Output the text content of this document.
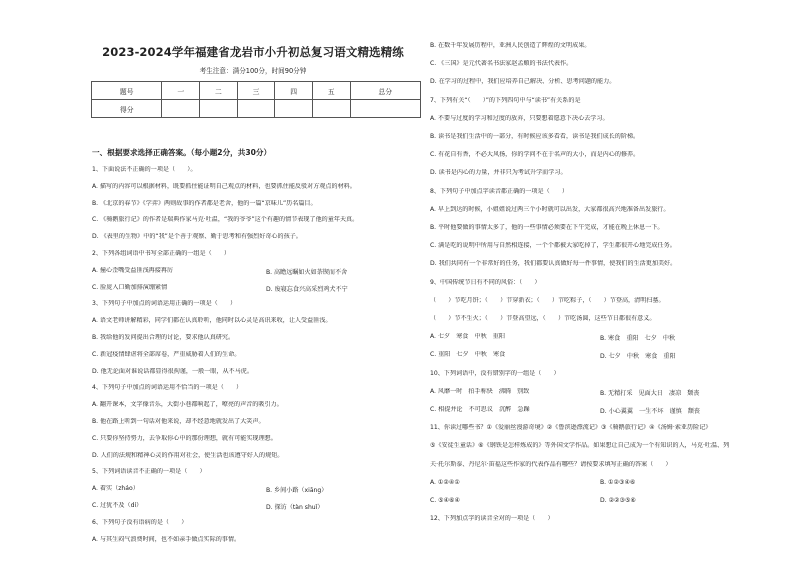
2023-2024学年福建省龙岩市小升初总复习语文精选精练
考生注意：满分100分，时间90分钟
题号	一	二	三	四	五	总分
得分						
一、根据要求选择正确答案。（每小题2分，共30分）
1、下面说法不正确的一项是（　　）。
A. 描写的内容可以根据材料，既要抓住能证明自己观点的材料，也要抓住能反驳对方观点的材料。
B. 《北京的春节》《学弈》两则故事的作者都是老舍，他的一篇“京味儿”历名篇目。
C. 《骑鹅旅行记》的作者是瑞典作家马克·吐温，“我的爷爷”这个有趣的情节表现了他的童年天真。
D. 《表里的生物》中的“我”是个善于观察、勤于思考和有强烈好奇心的孩子。
2、下列各组词语中书写全部正确的一组是（　　）
A. 撞心歪嘴受益匪浅再接再厉	B. 高瞻远瞩如火如荼锲而不舍
C. 脸庞入口勤加排演绷紧情	D. 废寝忘食兴高采烈鸡犬不宁
3、下列句子中加点的词语运用正确的一项是（　　）
A. 语文老师讲解精彩，同学们都在认真聆听，他同时以心灵是高讯来收，让人受益匪浅。
B. 我给他的发问提出合理的讨论，要求他认真研究。
C. 新冠疫情肆虐将全部席卷，严重威胁着人们的生命。
D. 他无论面对谁说话都显得很拘谨，一般一眼，从不马虎。
4、下列句子中加点的词语运用不恰当的一项是（　　）
A. 翻开课本，文字像音乐，大街小巷都响起了，嘹亮的声音的吸引力。
B. 他在路上听到一句话对他来说，却不经意地就发出了大笑声。
C. 只要你坚持努力，去争取你心中的那份理想，就有可能实现理想。
D. 人们的法规和精神心灵的作用对社会，使生活也该遵守好人的规矩。
5、下列词语读音不正确的一项是（　　）
A. 着实（zháo）	B. 乡间小路（xiāng）
C. 过犹不及（dí）	D. 探访（tàn shuǐ）
6、下列句子没有语病的是（　　）
A. 与其生闷气浪费时间，也不如亲手做点实际的事情。
B. 在数千年发展历程中，亚洲人民创造了辉煌的文明成果。
C. 《三国》是元代著名书法家赵孟頫的书法代表作。
D. 在学习的过程中，我们应培养自己解决、分析、思考问题的能力。
7、下列有关“（　　）”的下列四句中与“读书”有关系的是
A. 不要与过度的学习和过度的放弃，只要想着愿意下决心去学习。
B. 读书是我们生活中的一部分，有时候应该多看看，读书是我们成长的阶梯。
C. 有花自有香，不必大风扬，你的学问不在于名声的大小，而是内心的修养。
D. 读书是内心的力量，并非只为考试升学而学习。
8、下列句子中加点字读音都正确的一项是（　　）
A. 早上到达的时候，小姐姐说过两三个小时就可以出发，大家都很高兴地准备出发旅行。
B. 平时他要做的事情太多了，他的一些事情必须要在下午完成，才能在晚上休息一下。
C. 满是吃的说明中所用与自然相连接，一个个都被大家吃掉了，学生都很开心地完成任务。
D. 我们共同有一个非常好的任务，我们都要认真做好每一件事情，使我们的生活更加美好。
9、中国传统节日有不同的风俗：（　　）
（　　）节吃月饼；（　　）节穿新衣；（　　）节吃粽子，（　　）节登高，清明扫墓。
（　　）节不生火；（　　）节登高望远，（　　）节吃汤圆，这些节日都很有意义。
A. 七夕　寒食　中秋　重阳	B. 寒食　重阳　七夕　中秋
C. 重阳　七夕　中秋　寒食	D. 七夕　中秋　寒食　重阳
10、下列词语中，没有错别字的一组是（　　）
A. 风靡一时　拍手称快　沸腾　别致	B. 无精打采　见面大日　凄凉　颓丧
C. 相提并论　不可思议　沉醉　急躁	D. 小心翼翼　一生不坏　谨慎　颓丧
11、你读过哪些书？①《爱丽丝漫游奇境》②《鲁滨逊漂流记》③《骑鹅旅行记》④《汤姆·索亚历险记》
⑤《安徒生童话》⑥《钢铁是怎样炼成的》等外国文学作品。如果想让自己成为一个有知识的人，马克·吐温、列
夫·托尔斯泰、丹尼尔·笛福这些作家的代表作品有哪些？请按要求填写正确的答案（　　）
A. ①②④①	B. ①②③④⑥
C. ⑤④⑥④	D. ②②③⑤⑥
12、下列加点字的读音全对的一项是（　　）
